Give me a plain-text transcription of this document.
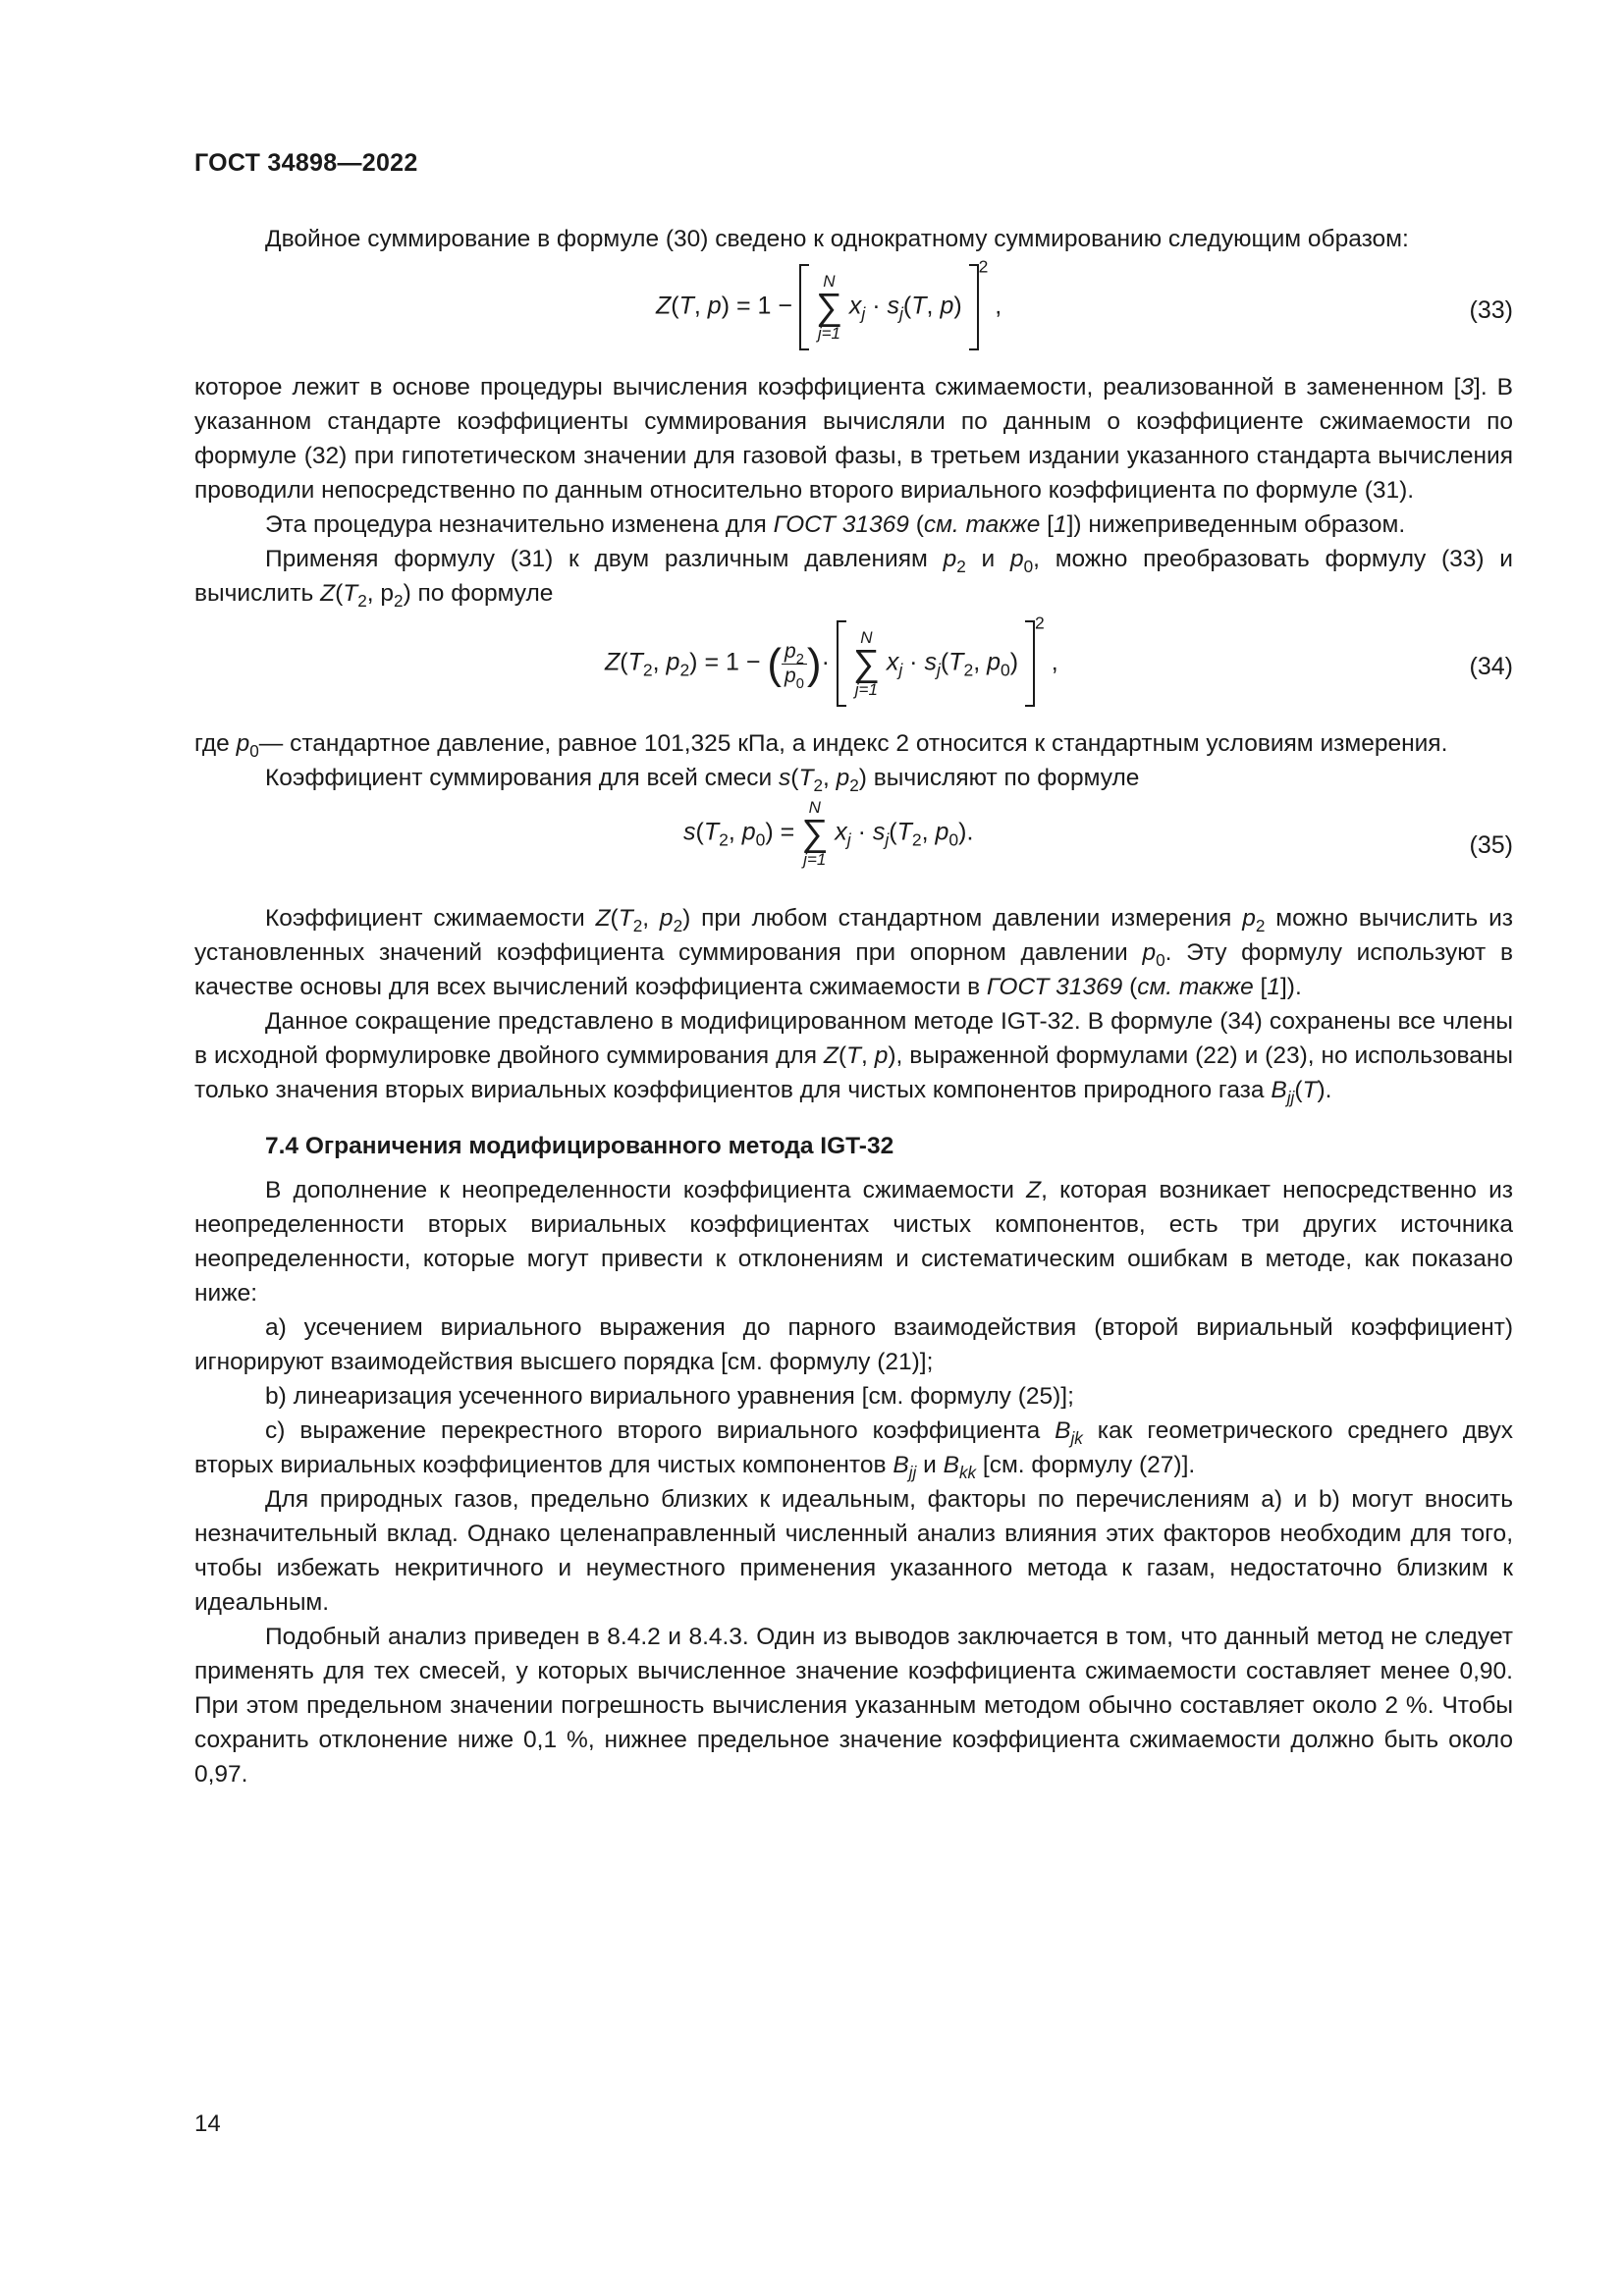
ГОСТ 34898—2022

Двойное суммирование в формуле (30) сведено к однократному суммированию следующим образом:

Z(T, p) = 1 −
N
∑
j=1
$x_j \cdot s_j(T$, p) $^2$ ,	(33)

которое лежит в основе процедуры вычисления коэффициента сжимаемости, реализованной в замененном [3]. В указанном стандарте коэффициенты суммирования вычисляли по данным о коэффициенте сжимаемости по формуле (32) при гипотетическом значении для газовой фазы, в третьем издании указанного стандарта вычисления проводили непосредственно по данным относительно второго вириального коэффициента по формуле (31).

Эта процедура незначительно изменена для ГОСТ 31369 (см. также [1]) нижеприведенным образом.

Применяя формулу (31) к двум различным давлениям $p_2$ и $p_0$, можно преобразовать формулу (33) и вычислить $Z(T_2$, $p_2$) по формуле

$Z(T_2$, $p_2) = 1$ − ( $\frac{p_2}{p_0}$ )·
N
∑
j=1
$x_j \cdot s_j(T_2$, $p_0$) $^2$ ,	(34)
где $p_0$ — стандартное давление, равное 101,325 кПа, а индекс 2 относится к стандартным условиям измерения.

Коэффициент суммирования для всей смеси $s(T_2$, $p_2$) вычисляют по формуле

$s(T_2$, $p_0$) =
N
∑
j=1
$x_j \cdot s_j(T_2$, $p_0$).	(35)

Коэффициент сжимаемости $Z(T_2$, $p_2$) при любом стандартном давлении измерения $p_2$ можно вычислить из установленных значений коэффициента суммирования при опорном давлении $p_0$. Эту формулу используют в качестве основы для всех вычислений коэффициента сжимаемости в ГОСТ 31369 (см. также [1]).

Данное сокращение представлено в модифицированном методе IGT-32. В формуле (34) сохранены все члены в исходной формулировке двойного суммирования для Z(T, p), выраженной формулами (22) и (23), но использованы только значения вторых вириальных коэффициентов для чистых компонентов природного газа $B_{jj}(T)$.

7.4 Ограничения модифицированного метода IGT-32

В дополнение к неопределенности коэффициента сжимаемости Z, которая возникает непосредственно из неопределенности вторых вириальных коэффициентах чистых компонентов, есть три других источника неопределенности, которые могут привести к отклонениям и систематическим ошибкам в методе, как показано ниже:

a) усечением вириального выражения до парного взаимодействия (второй вириальный коэффициент) игнорируют взаимодействия высшего порядка [см. формулу (21)];

b) линеаризация усеченного вириального уравнения [см. формулу (25)];

c) выражение перекрестного второго вириального коэффициента $B_{jk}$ как геометрического среднего двух вторых вириальных коэффициентов для чистых компонентов $B_{jj}$ и $B_{kk}$ [см. формулу (27)].

Для природных газов, предельно близких к идеальным, факторы по перечислениям a) и b) могут вносить незначительный вклад. Однако целенаправленный численный анализ влияния этих факторов необходим для того, чтобы избежать некритичного и неуместного применения указанного метода к газам, недостаточно близким к идеальным.

Подобный анализ приведен в 8.4.2 и 8.4.3. Один из выводов заключается в том, что данный метод не следует применять для тех смесей, у которых вычисленное значение коэффициента сжимаемости составляет менее 0,90. При этом предельном значении погрешность вычисления указанным методом обычно составляет около 2 %. Чтобы сохранить отклонение ниже 0,1 %, нижнее предельное значение коэффициента сжимаемости должно быть около 0,97.

14
